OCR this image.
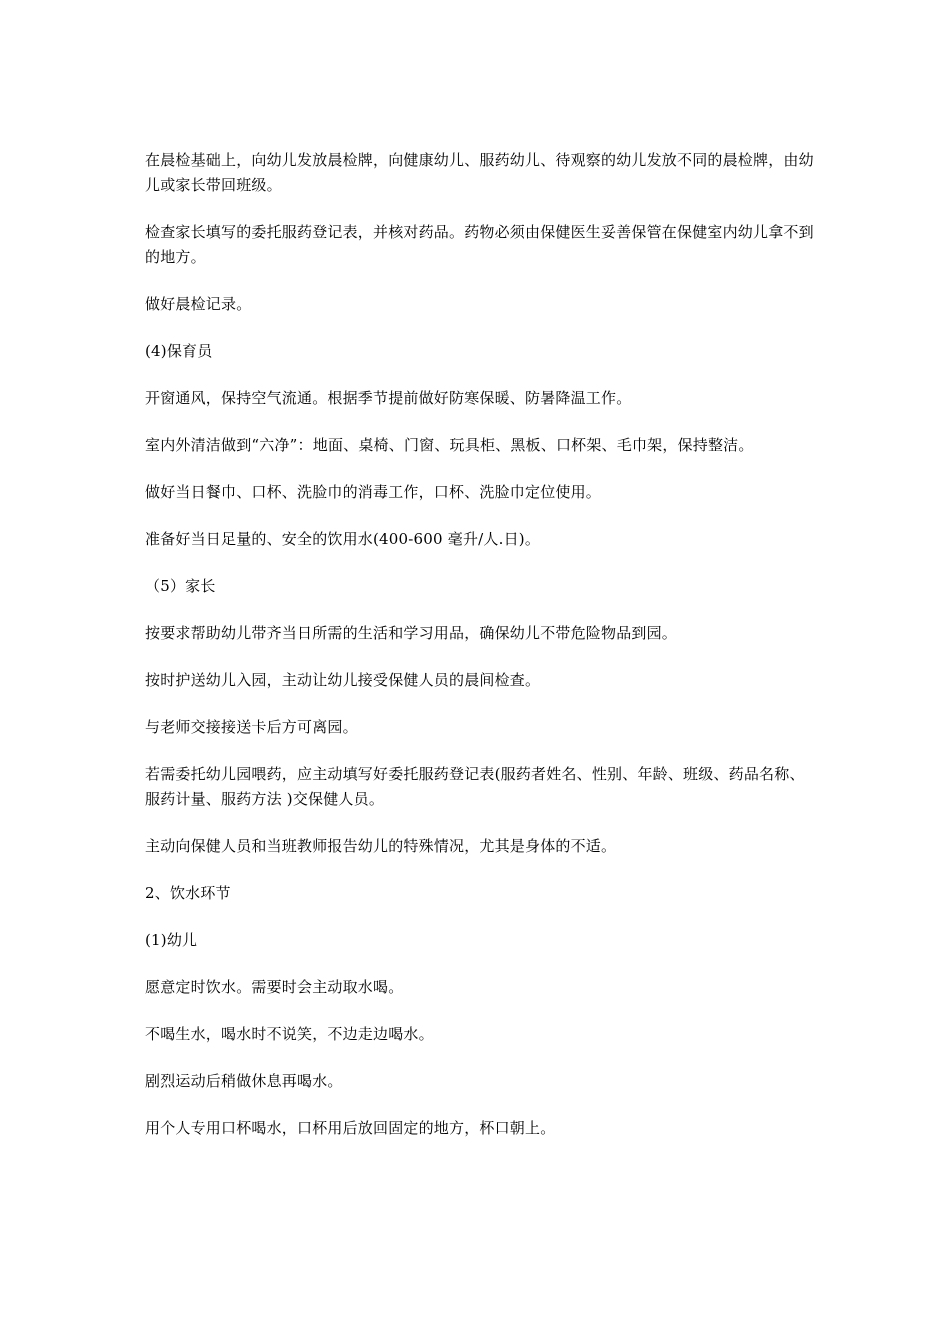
在晨检基础上，向幼儿发放晨检牌，向健康幼儿、服药幼儿、待观察的幼儿发放不同的晨检牌，由幼儿或家长带回班级。

检查家长填写的委托服药登记表，并核对药品。药物必须由保健医生妥善保管在保健室内幼儿拿不到的地方。

做好晨检记录。

(4)保育员

开窗通风，保持空气流通。根据季节提前做好防寒保暖、防暑降温工作。

室内外清洁做到“六净”：地面、桌椅、门窗、玩具柜、黑板、口杯架、毛巾架，保持整洁。

做好当日餐巾、口杯、洗脸巾的消毒工作，口杯、洗脸巾定位使用。

准备好当日足量的、安全的饮用水(400-600 毫升/人.日)。

（5）家长

按要求帮助幼儿带齐当日所需的生活和学习用品，确保幼儿不带危险物品到园。

按时护送幼儿入园，主动让幼儿接受保健人员的晨间检查。

与老师交接接送卡后方可离园。

若需委托幼儿园喂药，应主动填写好委托服药登记表(服药者姓名、性别、年龄、班级、药品名称、服药计量、服药方法 )交保健人员。

主动向保健人员和当班教师报告幼儿的特殊情况，尤其是身体的不适。

2、饮水环节

(1)幼儿

愿意定时饮水。需要时会主动取水喝。

不喝生水，喝水时不说笑，不边走边喝水。

剧烈运动后稍做休息再喝水。

用个人专用口杯喝水，口杯用后放回固定的地方，杯口朝上。
